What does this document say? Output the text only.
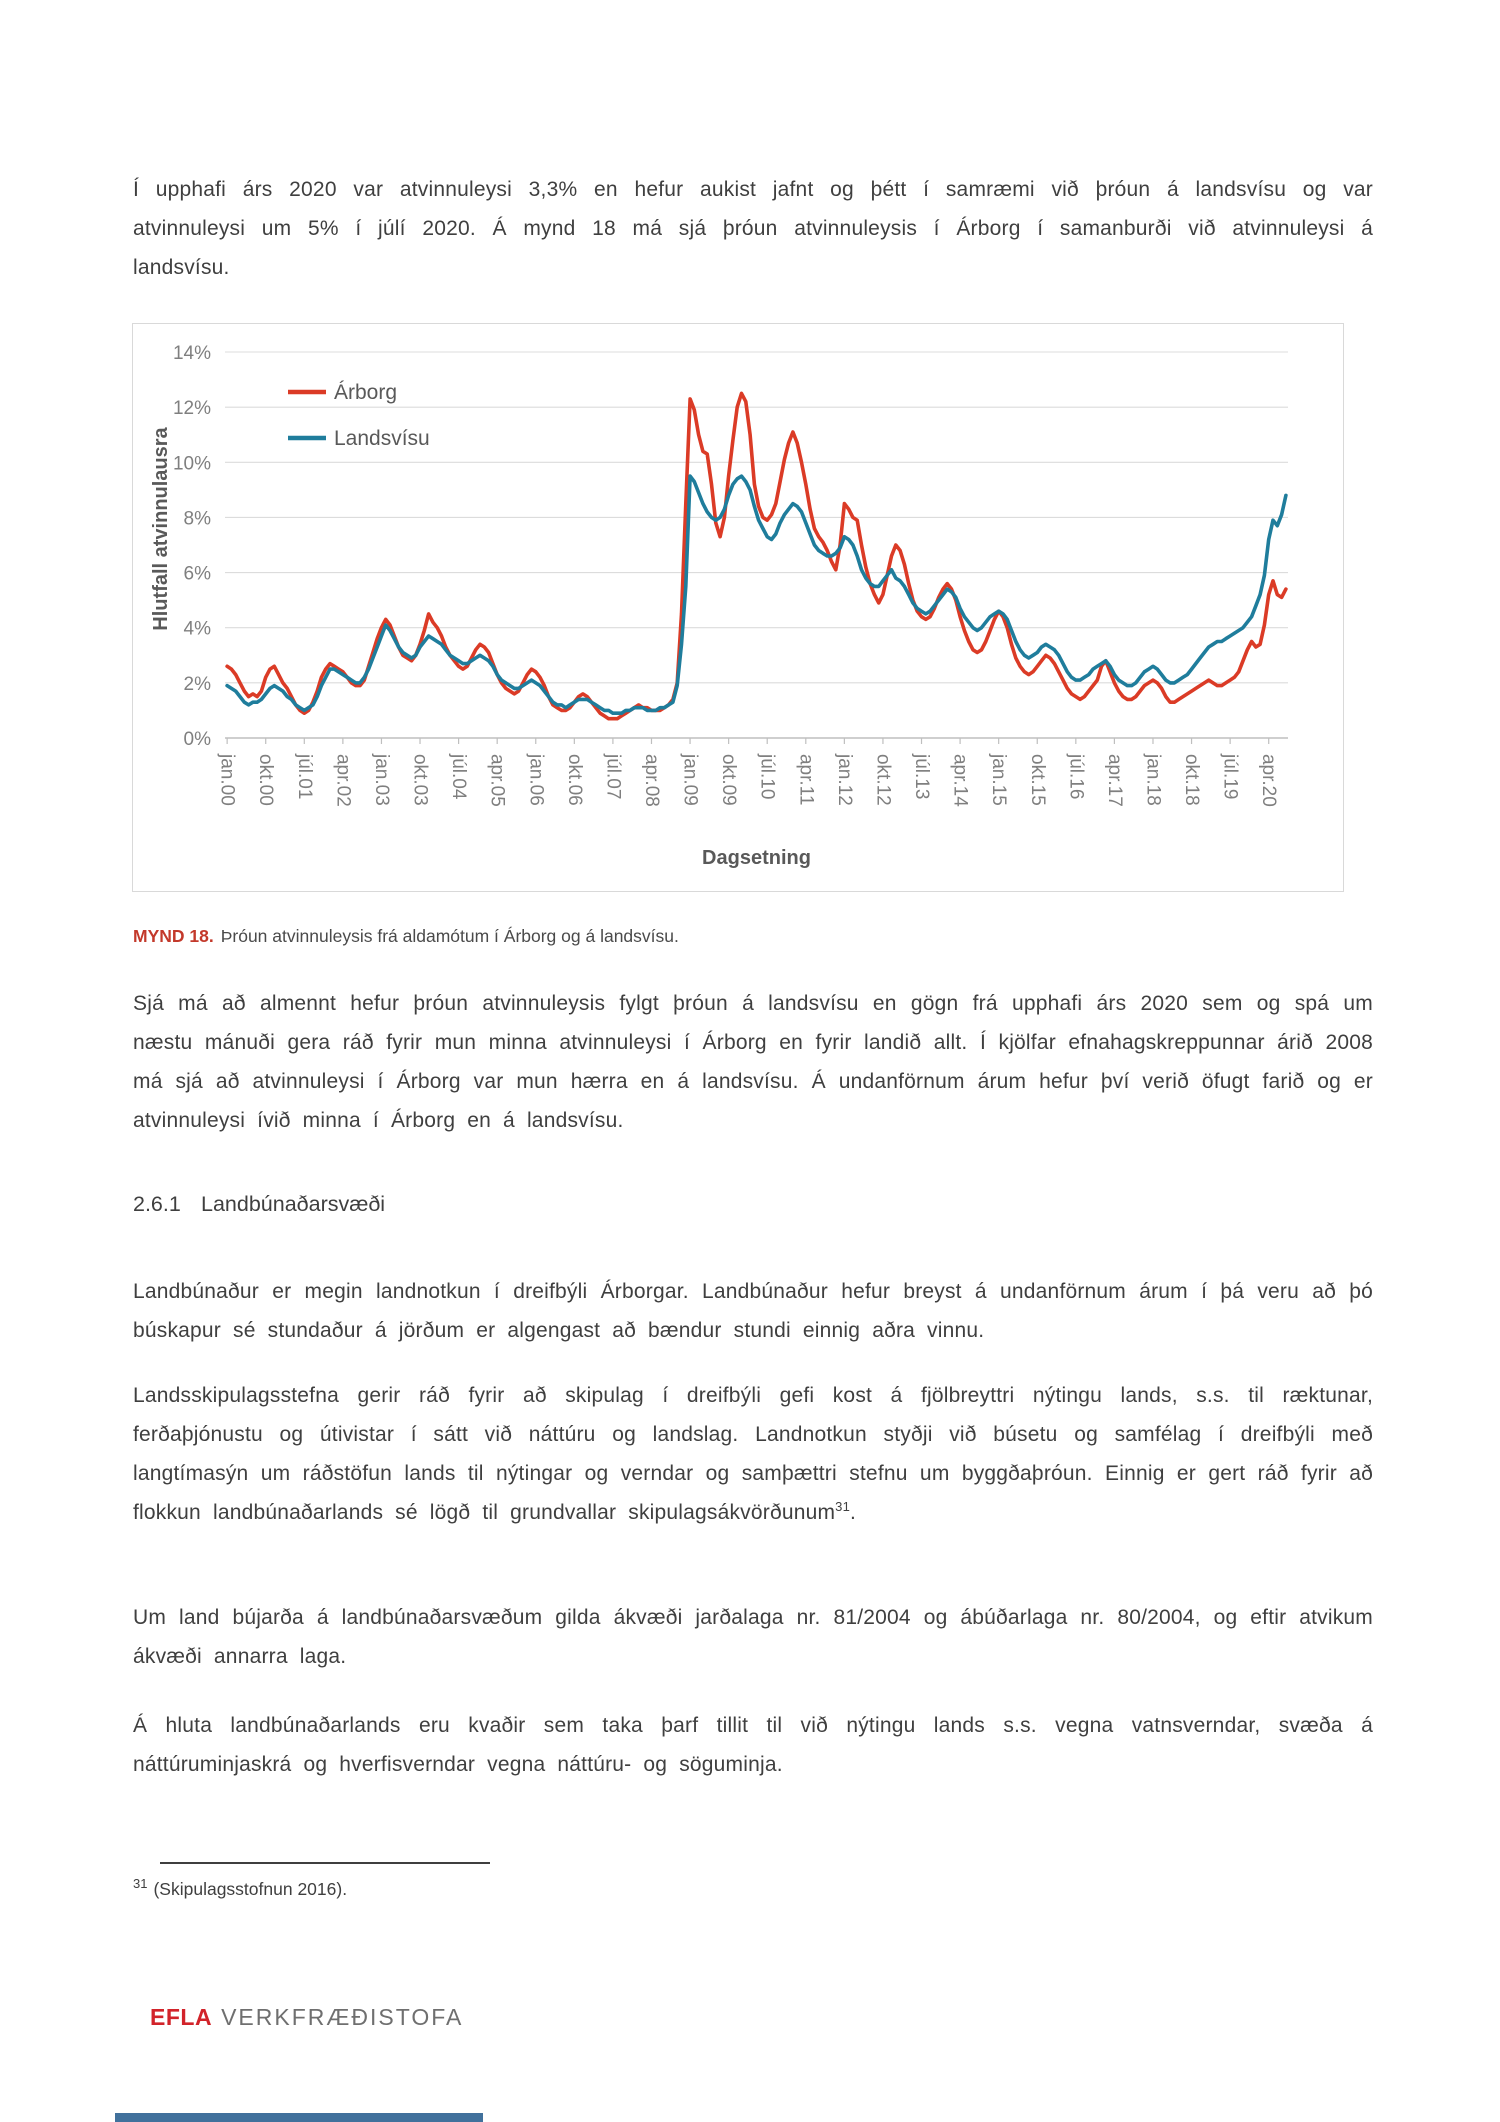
Í upphafi árs 2020 var atvinnuleysi 3,3% en hefur aukist jafnt og þétt í samræmi við þróun á landsvísu og var atvinnuleysi um 5% í júlí 2020. Á mynd 18 má sjá þróun atvinnuleysis í Árborg í samanburði við atvinnuleysi á landsvísu.

0%
2%
4%
6%
8%
10%
12%
14%
jan.00 okt.00 júl.01 apr.02 jan.03 okt.03 júl.04 apr.05 jan.06 okt.06 júl.07 apr.08 jan.09 okt.09 júl.10 apr.11 jan.12 okt.12 júl.13 apr.14 jan.15 okt.15 júl.16 apr.17 jan.18 okt.18 júl.19 apr.20
Árborg
Landsvísu
Dagsetning
Hlutfall atvinnulausra

MYND 18. Þróun atvinnuleysis frá aldamótum í Árborg og á landsvísu.

Sjá má að almennt hefur þróun atvinnuleysis fylgt þróun á landsvísu en gögn frá upphafi árs 2020 sem og spá um næstu mánuði gera ráð fyrir mun minna atvinnuleysi í Árborg en fyrir landið allt. Í kjölfar efnahagskreppunnar árið 2008 má sjá að atvinnuleysi í Árborg var mun hærra en á landsvísu. Á undanförnum árum hefur því verið öfugt farið og er atvinnuleysi ívið minna í Árborg en á landsvísu.

2.6.1 Landbúnaðarsvæði

Landbúnaður er megin landnotkun í dreifbýli Árborgar. Landbúnaður hefur breyst á undanförnum árum í þá veru að þó búskapur sé stundaður á jörðum er algengast að bændur stundi einnig aðra vinnu.

Landsskipulagsstefna gerir ráð fyrir að skipulag í dreifbýli gefi kost á fjölbreyttri nýtingu lands, s.s. til ræktunar, ferðaþjónustu og útivistar í sátt við náttúru og landslag. Landnotkun styðji við búsetu og samfélag í dreifbýli með langtímasýn um ráðstöfun lands til nýtingar og verndar og samþættri stefnu um byggðaþróun. Einnig er gert ráð fyrir að flokkun landbúnaðarlands sé lögð til grundvallar skipulagsákvörðunum$^{31}$.

Um land bújarða á landbúnaðarsvæðum gilda ákvæði jarðalaga nr. 81/2004 og ábúðarlaga nr. 80/2004, og eftir atvikum ákvæði annarra laga.

Á hluta landbúnaðarlands eru kvaðir sem taka þarf tillit til við nýtingu lands s.s. vegna vatnsverndar, svæða á náttúruminjaskrá og hverfisverndar vegna náttúru- og söguminja.

$^{31}$ (Skipulagsstofnun 2016).

EFLA VERKFRÆÐISTOFA
